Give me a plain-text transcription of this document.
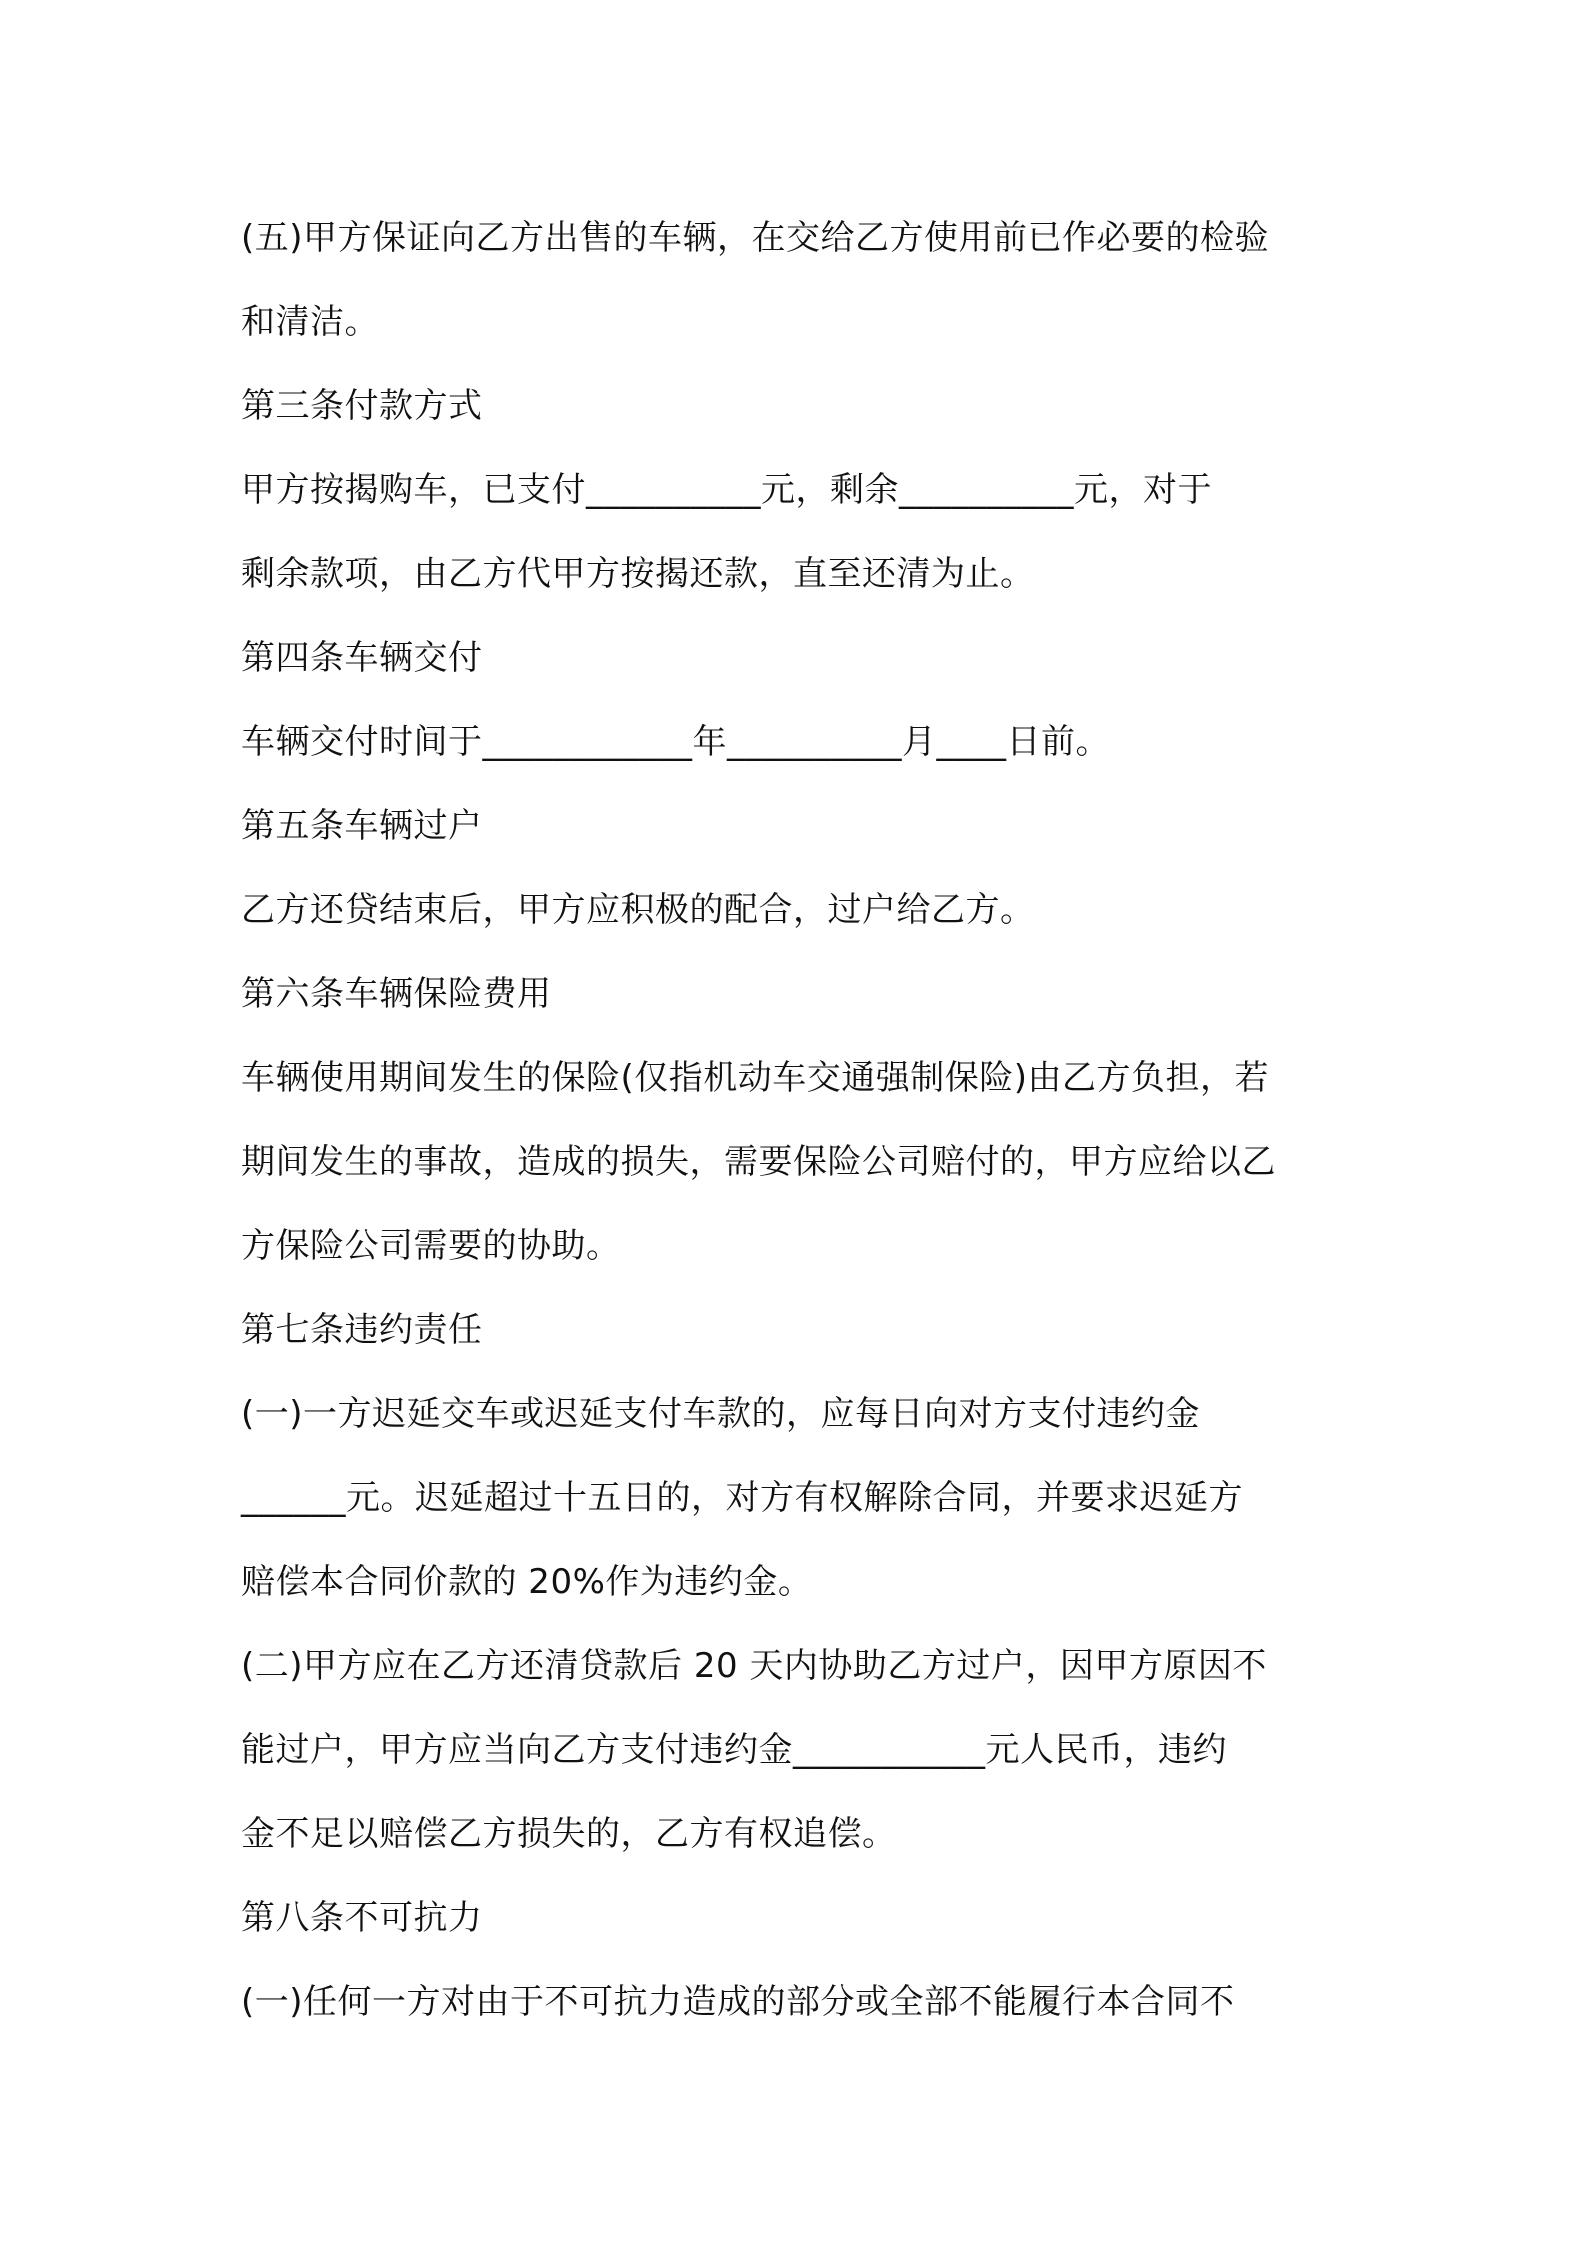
(五)甲方保证向乙方出售的车辆，在交给乙方使用前已作必要的检验
和清洁。
第三条付款方式
甲方按揭购车，已支付__________元，剩余__________元，对于
剩余款项，由乙方代甲方按揭还款，直至还清为止。
第四条车辆交付
车辆交付时间于____________年__________月____日前。
第五条车辆过户
乙方还贷结束后，甲方应积极的配合，过户给乙方。
第六条车辆保险费用
车辆使用期间发生的保险(仅指机动车交通强制保险)由乙方负担，若
期间发生的事故，造成的损失，需要保险公司赔付的，甲方应给以乙
方保险公司需要的协助。
第七条违约责任
(一)一方迟延交车或迟延支付车款的，应每日向对方支付违约金
______元。迟延超过十五日的，对方有权解除合同，并要求迟延方
赔偿本合同价款的 20%作为违约金。
(二)甲方应在乙方还清贷款后 20 天内协助乙方过户，因甲方原因不
能过户，甲方应当向乙方支付违约金___________元人民币，违约
金不足以赔偿乙方损失的，乙方有权追偿。
第八条不可抗力
(一)任何一方对由于不可抗力造成的部分或全部不能履行本合同不
